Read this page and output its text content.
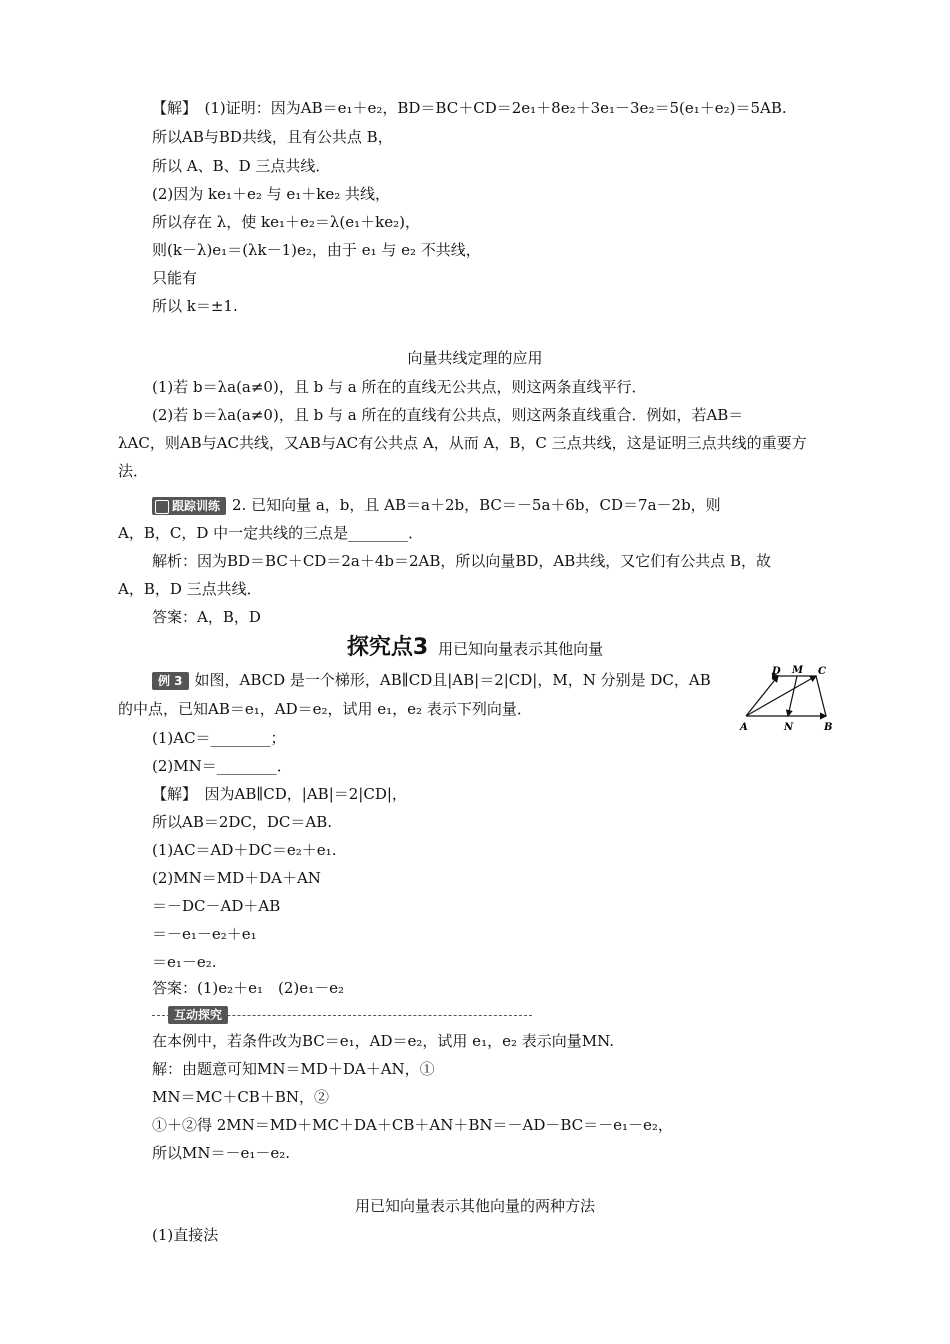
【解】　(1)证明：因为AB＝e₁＋e₂，BD＝BC＋CD＝2e₁＋8e₂＋3e₁－3e₂＝5(e₁＋e₂)＝5AB.
所以AB与BD共线，且有公共点 B，
所以 A、B、D 三点共线．
(2)因为 ke₁＋e₂ 与 e₁＋ke₂ 共线，
所以存在 λ，使 ke₁＋e₂＝λ(e₁＋ke₂)，
则(k－λ)e₁＝(λk－1)e₂，由于 e₁ 与 e₂ 不共线，
只能有
所以 k＝±1.
向量共线定理的应用
(1)若 b＝λa(a≠0)，且 b 与 a 所在的直线无公共点，则这两条直线平行．
(2)若 b＝λa(a≠0)，且 b 与 a 所在的直线有公共点，则这两条直线重合．例如，若AB＝
λAC，则AB与AC共线，又AB与AC有公共点 A，从而 A，B，C 三点共线，这是证明三点共线的重要方
法．
跟踪训练 2. 已知向量 a，b，且 AB＝a＋2b，BC＝－5a＋6b，CD＝7a－2b，则
A，B，C，D 中一定共线的三点是________．
解析：因为BD＝BC＋CD＝2a＋4b＝2AB，所以向量BD，AB共线，又它们有公共点 B，故
A，B，D 三点共线．
答案：A，B，D
探究点3 用已知向量表示其他向量
例 3 如图，ABCD 是一个梯形，AB∥CD且|AB|＝2|CD|，M，N 分别是 DC，AB
的中点，已知AB＝e₁，AD＝e₂，试用 e₁，e₂ 表示下列向量．
(1)AC＝________；
(2)MN＝________．
【解】　因为AB∥CD，|AB|＝2|CD|，
所以AB＝2DC，DC＝AB.
(1)AC＝AD＋DC＝e₂＋e₁.
(2)MN＝MD＋DA＋AN
＝－DC－AD＋AB
＝－e₁－e₂＋e₁
＝e₁－e₂.
答案：(1)e₂＋e₁　(2)e₁－e₂
互动探究
在本例中，若条件改为BC＝e₁，AD＝e₂，试用 e₁，e₂ 表示向量MN.
解：由题意可知MN＝MD＋DA＋AN，①
MN＝MC＋CB＋BN，②
①＋②得 2MN＝MD＋MC＋DA＋CB＋AN＋BN＝－AD－BC＝－e₁－e₂，
所以MN＝－e₁－e₂.
用已知向量表示其他向量的两种方法
(1)直接法
D M C
A	N	B
